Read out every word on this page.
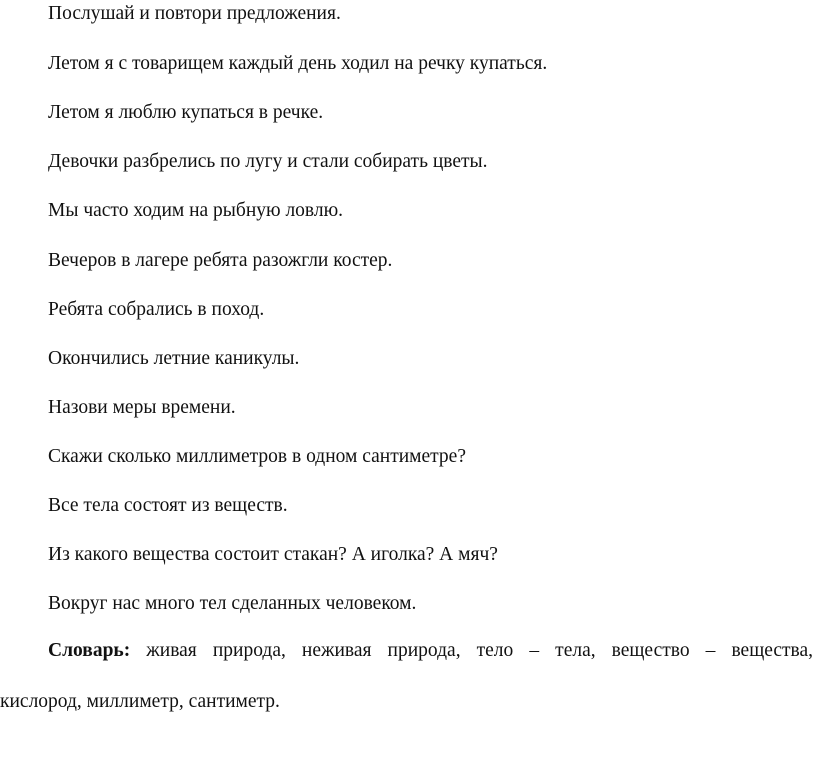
Послушай и повтори предложения.
Летом я с товарищем каждый день ходил на речку купаться.
Летом я люблю купаться в речке.
Девочки разбрелись по лугу и стали собирать цветы.
Мы часто ходим на рыбную ловлю.
Вечеров в лагере ребята разожгли костер.
Ребята собрались в поход.
Окончились летние каникулы.
Назови меры времени.
Скажи сколько миллиметров в одном сантиметре?
Все тела состоят из веществ.
Из какого вещества состоит стакан? А иголка? А мяч?
Вокруг нас много тел сделанных человеком.
Словарь: живая природа, неживая природа, тело – тела, вещество – вещества,
кислород, миллиметр, сантиметр.
